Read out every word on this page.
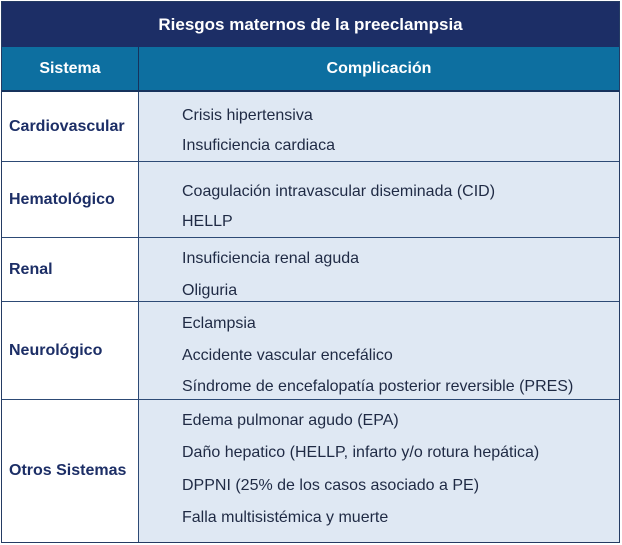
Riesgos maternos de la preeclampsia
Sistema	Complicación
Cardiovascular
Crisis hipertensiva
Insuficiencia cardiaca
Hematológico	Coagulación intravascular diseminada (CID)
HELLP
Renal
Insuficiencia renal aguda
Oliguria
Neurológico
Eclampsia
Accidente vascular encefálico
Síndrome de encefalopatía posterior reversible (PRES)
Otros Sistemas
Edema pulmonar agudo (EPA)
Daño hepatico (HELLP, infarto y/o rotura hepática)
DPPNI (25% de los casos asociado a PE)
Falla multisistémica y muerte
